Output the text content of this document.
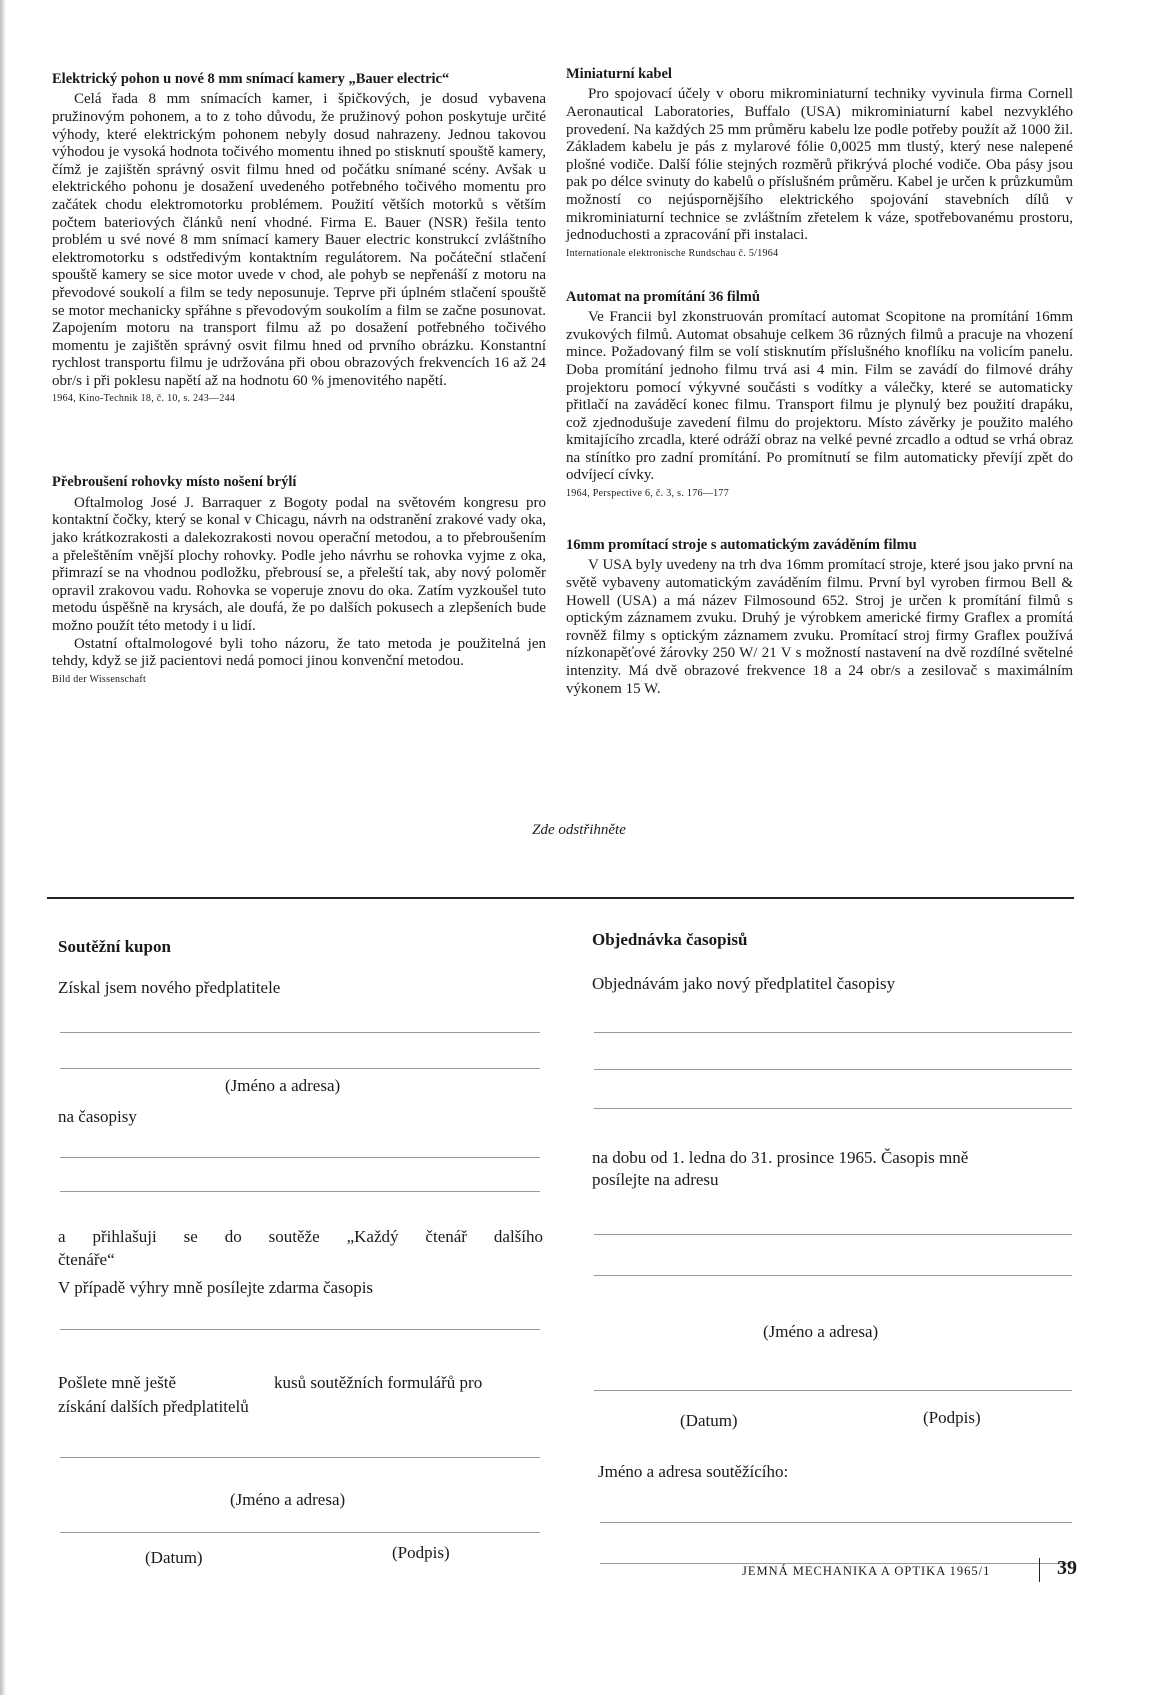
Elektrický pohon u nové 8 mm snímací kamery „Bauer electric“

Celá řada 8 mm snímacích kamer, i špičkových, je dosud vybavena pružinovým pohonem, a to z toho důvodu, že pružinový pohon poskytuje určité výhody, které elektrickým pohonem nebyly dosud nahrazeny. Jednou takovou výhodou je vysoká hodnota točivého momentu ihned po stisknutí spouště kamery, čímž je zajištěn správný osvit filmu hned od počátku snímané scény. Avšak u elektrického pohonu je dosažení uvedeného potřebného točivého momentu pro začátek chodu elektromotorku problémem. Použití větších motorků s větším počtem bateriových článků není vhodné. Firma E. Bauer (NSR) řešila tento problém u své nové 8 mm snímací kamery Bauer electric konstrukcí zvláštního elektromotorku s odstředivým kontaktním regulátorem. Na počáteční stlačení spouště kamery se sice motor uvede v chod, ale pohyb se nepřenáší z motoru na převodové soukolí a film se tedy neposunuje. Teprve při úplném stlačení spouště se motor mechanicky spřáhne s převodovým soukolím a film se začne posunovat. Zapojením motoru na transport filmu až po dosažení potřebného točivého momentu je zajištěn správný osvit filmu hned od prvního obrázku. Konstantní rychlost transportu filmu je udržována při obou obrazových frekvencích 16 až 24 obr/s i při poklesu napětí až na hodnotu 60 % jmenovitého napětí.

1964, Kino-Technik 18, č. 10, s. 243—244
Přebroušení rohovky místo nošení brýlí

Oftalmolog José J. Barraquer z Bogoty podal na světovém kongresu pro kontaktní čočky, který se konal v Chicagu, návrh na odstranění zrakové vady oka, jako krátkozrakosti a dalekozrakosti novou operační metodou, a to přebroušením a přeleštěním vnější plochy rohovky. Podle jeho návrhu se rohovka vyjme z oka, přimrazí se na vhodnou podložku, přebrousí se, a přeleští tak, aby nový poloměr opravil zrakovou vadu. Rohovka se voperuje znovu do oka. Zatím vyzkoušel tuto metodu úspěšně na krysách, ale doufá, že po dalších pokusech a zlepšeních bude možno použít této metody i u lidí.

Ostatní oftalmologové byli toho názoru, že tato metoda je použitelná jen tehdy, když se již pacientovi nedá pomoci jinou konvenční metodou.

Bild der Wissenschaft
Miniaturní kabel

Pro spojovací účely v oboru mikrominiaturní techniky vyvinula firma Cornell Aeronautical Laboratories, Buffalo (USA) mikrominiaturní kabel nezvyklého provedení. Na každých 25 mm průměru kabelu lze podle potřeby použít až 1000 žil. Základem kabelu je pás z mylarové fólie 0,0025 mm tlustý, který nese nalepené plošné vodiče. Další fólie stejných rozměrů přikrývá ploché vodiče. Oba pásy jsou pak po délce svinuty do kabelů o příslušném průměru. Kabel je určen k průzkumům možností co nejúspornějšího elektrického spojování stavebních dílů v mikrominiaturní technice se zvláštním zřetelem k váze, spotřebovanému prostoru, jednoduchosti a zpracování při instalaci.

Internationale elektronische Rundschau č. 5/1964
Automat na promítání 36 filmů

Ve Francii byl zkonstruován promítací automat Scopitone na promítání 16mm zvukových filmů. Automat obsahuje celkem 36 různých filmů a pracuje na vhození mince. Požadovaný film se volí stisknutím příslušného knoflíku na volicím panelu. Doba promítání jednoho filmu trvá asi 4 min. Film se zavádí do filmové dráhy projektoru pomocí výkyvné součásti s vodítky a válečky, které se automaticky přitlačí na zaváděcí konec filmu. Transport filmu je plynulý bez použití drapáku, což zjednodušuje zavedení filmu do projektoru. Místo závěrky je použito malého kmitajícího zrcadla, které odráží obraz na velké pevné zrcadlo a odtud se vrhá obraz na stínítko pro zadní promítání. Po promítnutí se film automaticky převíjí zpět do odvíjecí cívky.

1964, Perspective 6, č. 3, s. 176—177
16mm promítací stroje s automatickým zaváděním filmu

V USA byly uvedeny na trh dva 16mm promítací stroje, které jsou jako první na světě vybaveny automatickým zaváděním filmu. První byl vyroben firmou Bell & Howell (USA) a má název Filmosound 652. Stroj je určen k promítání filmů s optickým záznamem zvuku. Druhý je výrobkem americké firmy Graflex a promítá rovněž filmy s optickým záznamem zvuku. Promítací stroj firmy Graflex používá nízkonapěťové žárovky 250 W/ 21 V s možností nastavení na dvě rozdílné světelné intenzity. Má dvě obrazové frekvence 18 a 24 obr/s a zesilovač s maximálním výkonem 15 W.

Zde odstřihněte
Soutěžní kupon
Získal jsem nového předplatitele
(Jméno a adresa)
na časopisy
a přihlašuji se do soutěže „Každý čtenář dalšího
čtenáře“
V případě výhry mně posílejte zdarma časopis
Pošlete mně ještě	kusů soutěžních formulářů pro
získání dalších předplatitelů
(Jméno a adresa)
(Datum)	(Podpis)
Objednávka časopisů
Objednávám jako nový předplatitel časopisy
na dobu od 1. ledna do 31. prosince 1965. Časopis mně
posílejte na adresu
(Jméno a adresa)
(Datum)	(Podpis)
Jméno a adresa soutěžícího:
JEMNÁ MECHANIKA A OPTIKA 1965/1	39
